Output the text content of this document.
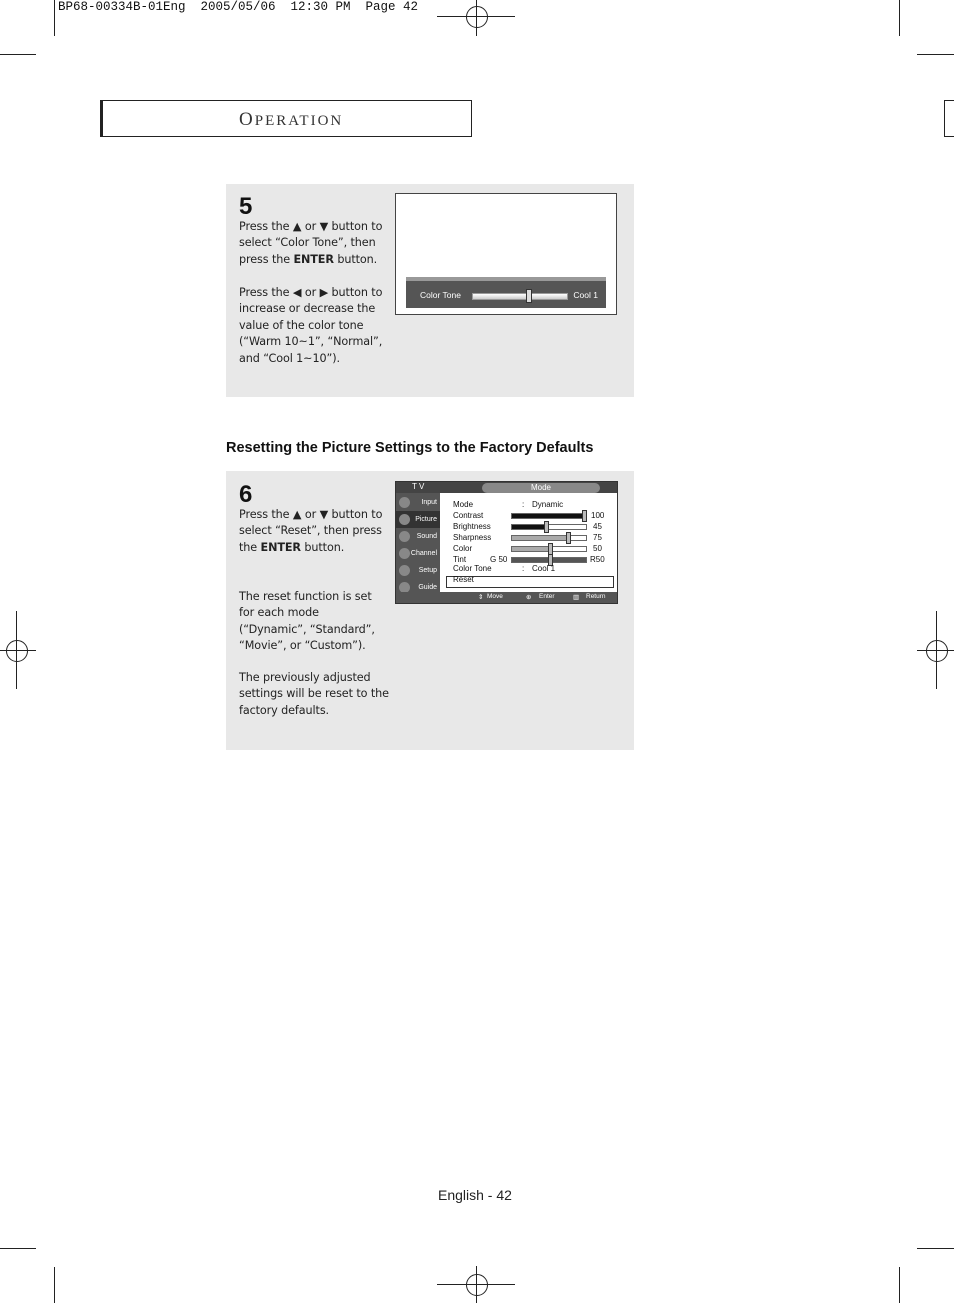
BP68-00334B-01Eng  2005/05/06  12:30 PM  Page 42
OPERATION
5
Press the ▲ or ▼ button to select “Color Tone”, then press the ENTER button.
Press the ◀ or ▶ button to increase or decrease the value of the color tone (“Warm 10~1”, “Normal”, and “Cool 1~10”).
Color Tone	Cool 1
Resetting the Picture Settings to the Factory Defaults
6
Press the ▲ or ▼ button to select “Reset”, then press the ENTER button.
The reset function is set for each mode (“Dynamic”, “Standard”, “Movie”, or “Custom”).
The previously adjusted settings will be reset to the factory defaults.
T V	Mode
Input
Picture
Sound
Channel
Setup
Guide
Mode	: Dynamic
Contrast	100
Brightness	45
Sharpness	75
Color	50
Tint	G 50	R50
Color Tone	: Cool 1
Reset
⇕ Move	⊕ Enter	▥ Return
English - 42
